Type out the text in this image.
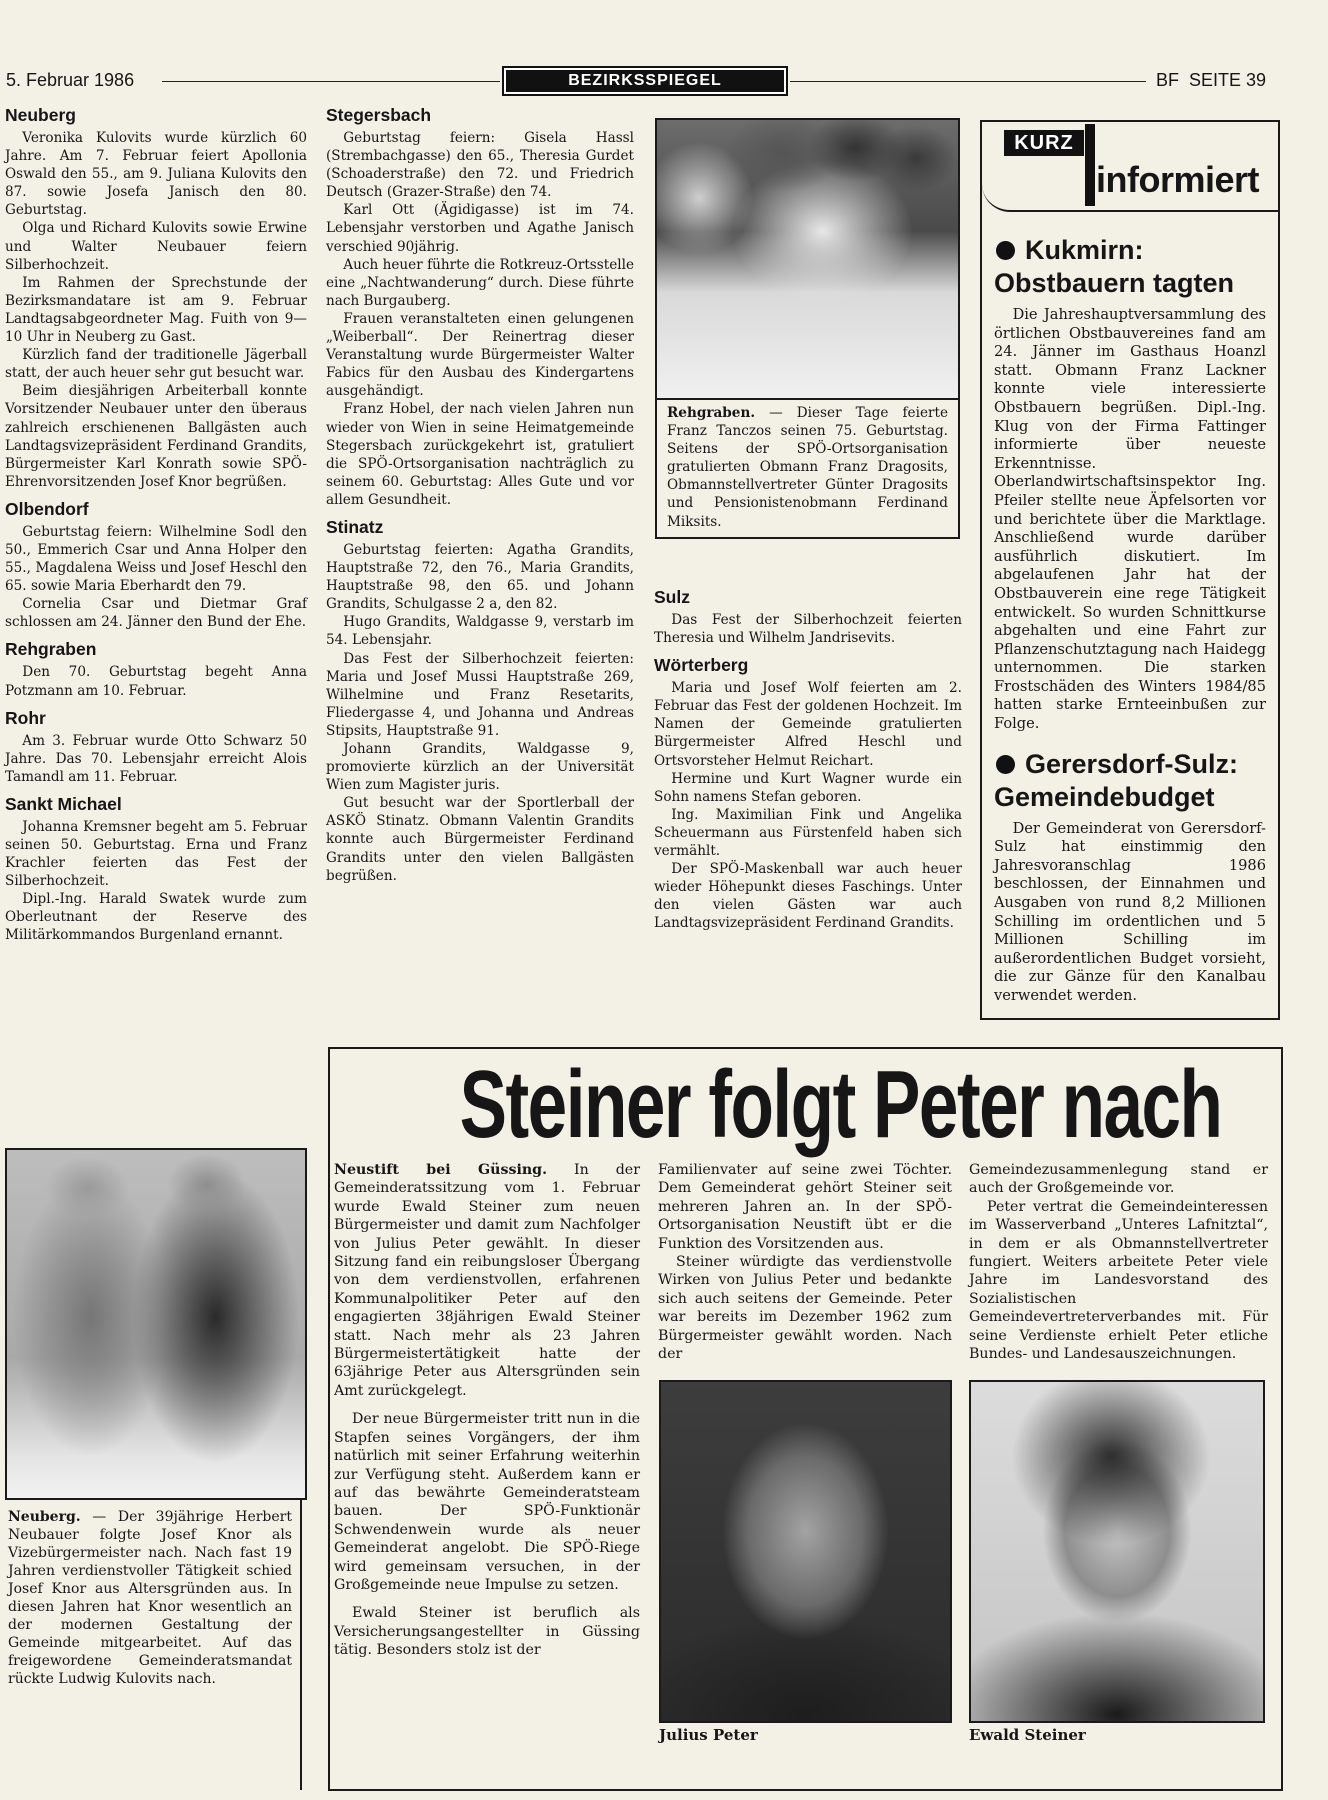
5. Februar 1986	BEZIRKSSPIEGEL	BF  SEITE 39

Neuberg

Veronika Kulovits wurde kürzlich 60 Jahre. Am 7. Februar feiert Apollonia Oswald den 55., am 9. Juliana Kulovits den 87. sowie Josefa Janisch den 80. Geburtstag.

Olga und Richard Kulovits sowie Erwine und Walter Neubauer feiern Silberhochzeit.

Im Rahmen der Sprechstunde der Bezirksmandatare ist am 9. Februar Landtagsabgeordneter Mag. Fuith von 9—10 Uhr in Neuberg zu Gast.

Kürzlich fand der traditionelle Jägerball statt, der auch heuer sehr gut besucht war.

Beim diesjährigen Arbeiterball konnte Vorsitzender Neubauer unter den überaus zahlreich erschienenen Ballgästen auch Landtagsvizepräsident Ferdinand Grandits, Bürgermeister Karl Konrath sowie SPÖ-Ehrenvorsitzenden Josef Knor begrüßen.

Olbendorf

Geburtstag feiern: Wilhelmine Sodl den 50., Emmerich Csar und Anna Holper den 55., Magdalena Weiss und Josef Heschl den 65. sowie Maria Eberhardt den 79.

Cornelia Csar und Dietmar Graf schlossen am 24. Jänner den Bund der Ehe.

Rehgraben

Den 70. Geburtstag begeht Anna Potzmann am 10. Februar.

Rohr

Am 3. Februar wurde Otto Schwarz 50 Jahre. Das 70. Lebensjahr erreicht Alois Tamandl am 11. Februar.

Sankt Michael

Johanna Kremsner begeht am 5. Februar seinen 50. Geburtstag. Erna und Franz Krachler feierten das Fest der Silberhochzeit.

Dipl.-Ing. Harald Swatek wurde zum Oberleutnant der Reserve des Militärkommandos Burgenland ernannt.

Neuberg. — Der 39jährige Herbert Neubauer folgte Josef Knor als Vizebürgermeister nach. Nach fast 19 Jahren verdienstvoller Tätigkeit schied Josef Knor aus Altersgründen aus. In diesen Jahren hat Knor wesentlich an der modernen Gestaltung der Gemeinde mitgearbeitet. Auf das freigewordene Gemeinderatsmandat rückte Ludwig Kulovits nach.

Stegersbach

Geburtstag feiern: Gisela Hassl (Strembachgasse) den 65., Theresia Gurdet (Schoaderstraße) den 72. und Friedrich Deutsch (Grazer-Straße) den 74.

Karl Ott (Ägidigasse) ist im 74. Lebensjahr verstorben und Agathe Janisch verschied 90jährig.

Auch heuer führte die Rotkreuz-Ortsstelle eine „Nachtwanderung“ durch. Diese führte nach Burgauberg.

Frauen veranstalteten einen gelungenen „Weiberball“. Der Reinertrag dieser Veranstaltung wurde Bürgermeister Walter Fabics für den Ausbau des Kindergartens ausgehändigt.

Franz Hobel, der nach vielen Jahren nun wieder von Wien in seine Heimatgemeinde Stegersbach zurückgekehrt ist, gratuliert die SPÖ-Ortsorganisation nachträglich zu seinem 60. Geburtstag: Alles Gute und vor allem Gesundheit.

Stinatz

Geburtstag feierten: Agatha Grandits, Hauptstraße 72, den 76., Maria Grandits, Hauptstraße 98, den 65. und Johann Grandits, Schulgasse 2 a, den 82.

Hugo Grandits, Waldgasse 9, verstarb im 54. Lebensjahr.

Das Fest der Silberhochzeit feierten: Maria und Josef Mussi Hauptstraße 269, Wilhelmine und Franz Resetarits, Fliedergasse 4, und Johanna und Andreas Stipsits, Hauptstraße 91.

Johann Grandits, Waldgasse 9, promovierte kürzlich an der Universität Wien zum Magister juris.

Gut besucht war der Sportlerball der ASKÖ Stinatz. Obmann Valentin Grandits konnte auch Bürgermeister Ferdinand Grandits unter den vielen Ballgästen begrüßen.

Rehgraben. — Dieser Tage feierte Franz Tanczos seinen 75. Geburtstag. Seitens der SPÖ-Ortsorganisation gratulierten Obmann Franz Dragosits, Obmannstellvertreter Günter Dragosits und Pensionistenobmann Ferdinand Miksits.

Sulz

Das Fest der Silberhochzeit feierten Theresia und Wilhelm Jandrisevits.

Wörterberg

Maria und Josef Wolf feierten am 2. Februar das Fest der goldenen Hochzeit. Im Namen der Gemeinde gratulierten Bürgermeister Alfred Heschl und Ortsvorsteher Helmut Reichart.

Hermine und Kurt Wagner wurde ein Sohn namens Stefan geboren.

Ing. Maximilian Fink und Angelika Scheuermann aus Fürstenfeld haben sich vermählt.

Der SPÖ-Maskenball war auch heuer wieder Höhepunkt dieses Faschings. Unter den vielen Gästen war auch Landtagsvizepräsident Ferdinand Grandits.

KURZ
informiert

Kukmirn: Obstbauern tagten

Die Jahreshauptversammlung des örtlichen Obstbauvereines fand am 24. Jänner im Gasthaus Hoanzl statt. Obmann Franz Lackner konnte viele interessierte Obstbauern begrüßen. Dipl.-Ing. Klug von der Firma Fattinger informierte über neueste Erkenntnisse. Oberlandwirtschaftsinspektor Ing. Pfeiler stellte neue Äpfelsorten vor und berichtete über die Marktlage. Anschließend wurde darüber ausführlich diskutiert. Im abgelaufenen Jahr hat der Obstbauverein eine rege Tätigkeit entwickelt. So wurden Schnittkurse abgehalten und eine Fahrt zur Pflanzenschutztagung nach Haidegg unternommen. Die starken Frostschäden des Winters 1984/85 hatten starke Ernteeinbußen zur Folge.

Gerersdorf-Sulz: Gemeindebudget

Der Gemeinderat von Gerersdorf-Sulz hat einstimmig den Jahresvoranschlag 1986 beschlossen, der Einnahmen und Ausgaben von rund 8,2 Millionen Schilling im ordentlichen und 5 Millionen Schilling im außerordentlichen Budget vorsieht, die zur Gänze für den Kanalbau verwendet werden.

Steiner folgt Peter nach

Neustift bei Güssing. In der Gemeinderatssitzung vom 1. Februar wurde Ewald Steiner zum neuen Bürgermeister und damit zum Nachfolger von Julius Peter gewählt. In dieser Sitzung fand ein reibungsloser Übergang von dem verdienstvollen, erfahrenen Kommunalpolitiker Peter auf den engagierten 38jährigen Ewald Steiner statt. Nach mehr als 23 Jahren Bürgermeistertätigkeit hatte der 63jährige Peter aus Altersgründen sein Amt zurückgelegt.

Der neue Bürgermeister tritt nun in die Stapfen seines Vorgängers, der ihm natürlich mit seiner Erfahrung weiterhin zur Verfügung steht. Außerdem kann er auf das bewährte Gemeinderatsteam bauen. Der SPÖ-Funktionär Schwendenwein wurde als neuer Gemeinderat angelobt. Die SPÖ-Riege wird gemeinsam versuchen, in der Großgemeinde neue Impulse zu setzen.

Ewald Steiner ist beruflich als Versicherungsangestellter in Güssing tätig. Besonders stolz ist der

Familienvater auf seine zwei Töchter. Dem Gemeinderat gehört Steiner seit mehreren Jahren an. In der SPÖ-Ortsorganisation Neustift übt er die Funktion des Vorsitzenden aus.

Steiner würdigte das verdienstvolle Wirken von Julius Peter und bedankte sich auch seitens der Gemeinde. Peter war bereits im Dezember 1962 zum Bürgermeister gewählt worden. Nach der

Gemeindezusammenlegung stand er auch der Großgemeinde vor.

Peter vertrat die Gemeindeinteressen im Wasserverband „Unteres Lafnitztal“, in dem er als Obmannstellvertreter fungiert. Weiters arbeitete Peter viele Jahre im Landesvorstand des Sozialistischen Gemeindevertreterverbandes mit. Für seine Verdienste erhielt Peter etliche Bundes- und Landesauszeichnungen.

Julius Peter	Ewald Steiner
